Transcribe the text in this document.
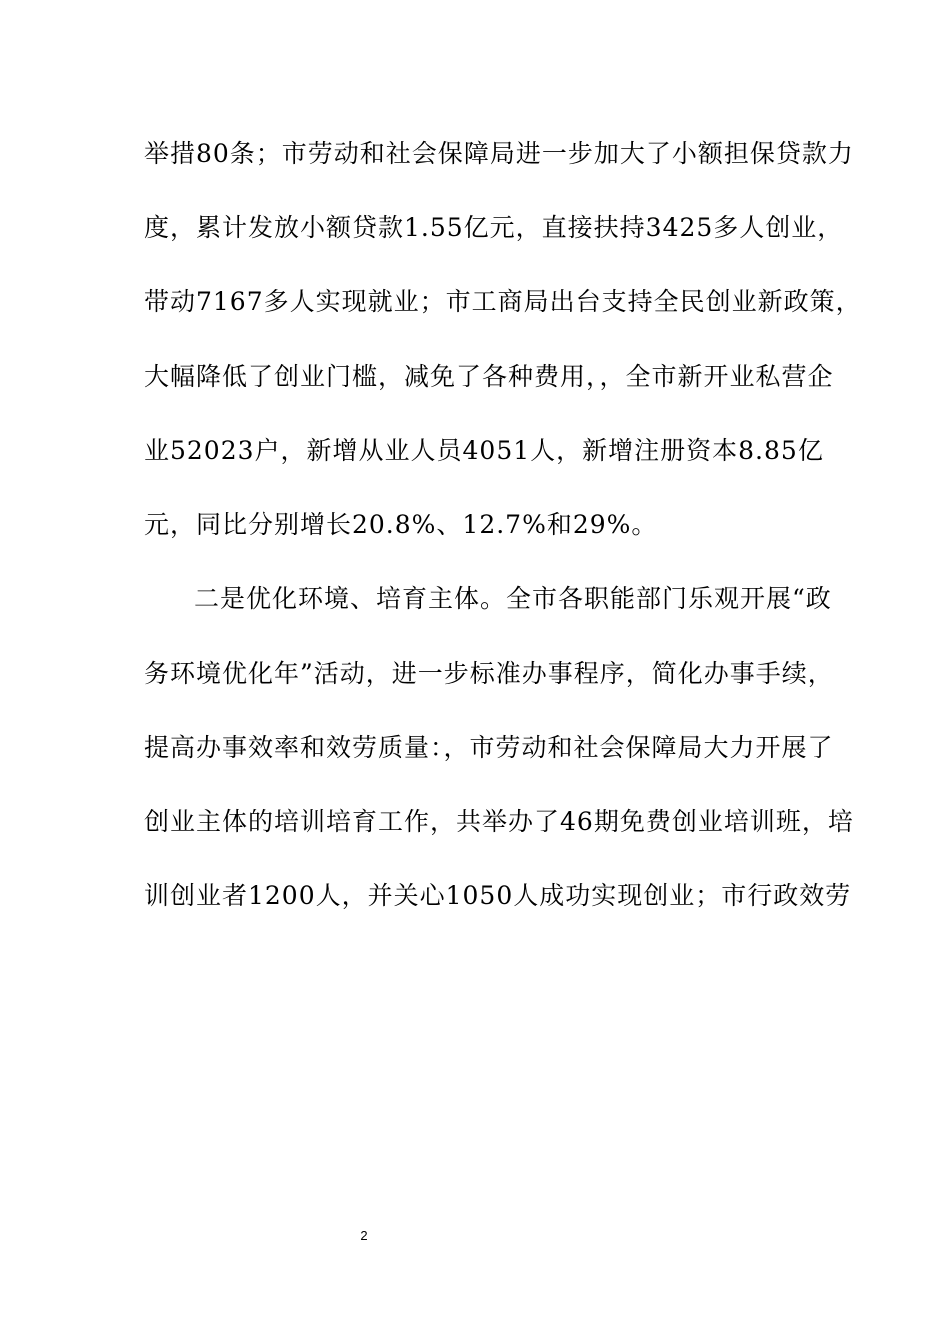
举措80条；市劳动和社会保障局进一步加大了小额担保贷款力
度，累计发放小额贷款1.55亿元，直接扶持3425多人创业，
带动7167多人实现就业；市工商局出台支持全民创业新政策，
大幅降低了创业门槛，减免了各种费用，，全市新开业私营企
业52023户，新增从业人员4051人，新增注册资本8.85亿
元，同比分别增长20.8%、12.7%和29%。
二是优化环境、培育主体。全市各职能部门乐观开展“政
务环境优化年”活动，进一步标准办事程序，简化办事手续，
提高办事效率和效劳质量：，市劳动和社会保障局大力开展了
创业主体的培训培育工作，共举办了46期免费创业培训班，培
训创业者1200人，并关心1050人成功实现创业；市行政效劳
2
